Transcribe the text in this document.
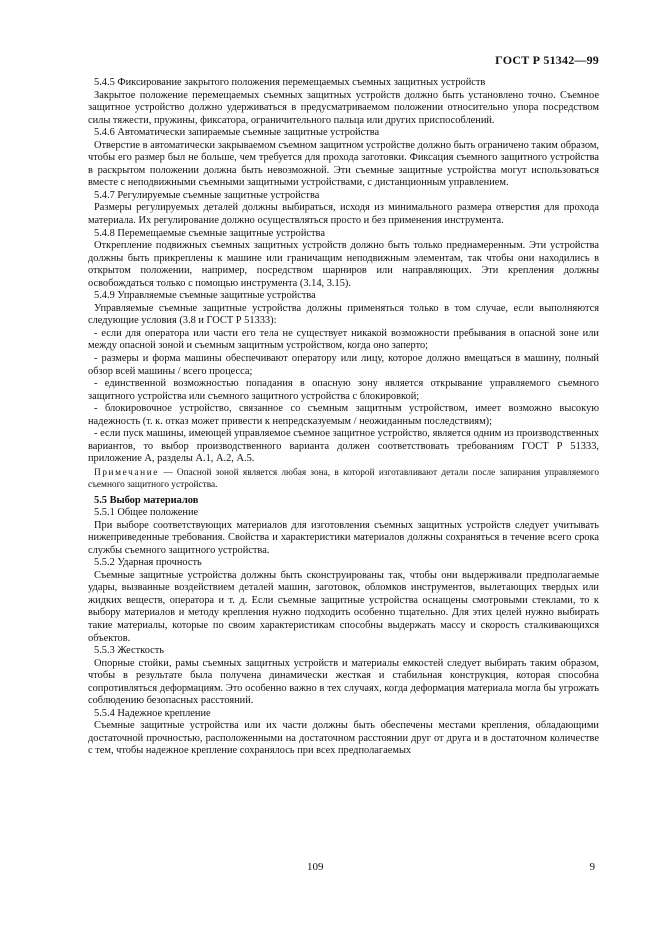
ГОСТ Р 51342—99

5.4.5 Фиксирование закрытого положения перемещаемых съемных защитных устройств

Закрытое положение перемещаемых съемных защитных устройств должно быть установлено точно. Съемное защитное устройство должно удерживаться в предусматриваемом положении относительно упора посредством силы тяжести, пружины, фиксатора, ограничительного пальца или других приспособлений.

5.4.6 Автоматически запираемые съемные защитные устройства

Отверстие в автоматически закрываемом съемном защитном устройстве должно быть ограничено таким образом, чтобы его размер был не больше, чем требуется для прохода заготовки. Фиксация съемного защитного устройства в раскрытом положении должна быть невозможной. Эти съемные защитные устройства могут использоваться вместе с неподвижными съемными защитными устройствами, с дистанционным управлением.

5.4.7 Регулируемые съемные защитные устройства

Размеры регулируемых деталей должны выбираться, исходя из минимального размера отверстия для прохода материала. Их регулирование должно осуществляться просто и без применения инструмента.

5.4.8 Перемещаемые съемные защитные устройства

Открепление подвижных съемных защитных устройств должно быть только преднамеренным. Эти устройства должны быть прикреплены к машине или граничащим неподвижным элементам, так чтобы они находились в открытом положении, например, посредством шарниров или направляющих. Эти крепления должны освобождаться только с помощью инструмента (3.14, 3.15).

5.4.9 Управляемые съемные защитные устройства

Управляемые съемные защитные устройства должны применяться только в том случае, если выполняются следующие условия (3.8 и ГОСТ Р 51333):

- если для оператора или части его тела не существует никакой возможности пребывания в опасной зоне или между опасной зоной и съемным защитным устройством, когда оно заперто;

- размеры и форма машины обеспечивают оператору или лицу, которое должно вмещаться в машину, полный обзор всей машины / всего процесса;

- единственной возможностью попадания в опасную зону является открывание управляемого съемного защитного устройства или съемного защитного устройства с блокировкой;

- блокировочное устройство, связанное со съемным защитным устройством, имеет возможно высокую надежность (т. к. отказ может привести к непредсказуемым / неожиданным последствиям);

- если пуск машины, имеющей управляемое съемное защитное устройство, является одним из производственных вариантов, то выбор производственного варианта должен соответствовать требованиям ГОСТ Р 51333, приложение А, разделы А.1, А.2, А.5.

Примечание — Опасной зоной является любая зона, в которой изготавливают детали после запирания управляемого съемного защитного устройства.

5.5 Выбор материалов

5.5.1 Общее положение

При выборе соответствующих материалов для изготовления съемных защитных устройств следует учитывать нижеприведенные требования. Свойства и характеристики материалов должны сохраняться в течение всего срока службы съемного защитного устройства.

5.5.2 Ударная прочность

Съемные защитные устройства должны быть сконструированы так, чтобы они выдерживали предполагаемые удары, вызванные воздействием деталей машин, заготовок, обломков инструментов, вылетающих твердых или жидких веществ, оператора и т. д. Если съемные защитные устройства оснащены смотровыми стеклами, то к выбору материалов и методу крепления нужно подходить особенно тщательно. Для этих целей нужно выбирать такие материалы, которые по своим характеристикам способны выдержать массу и скорость сталкивающихся объектов.

5.5.3 Жесткость

Опорные стойки, рамы съемных защитных устройств и материалы емкостей следует выбирать таким образом, чтобы в результате была получена динамически жесткая и стабильная конструкция, которая способна сопротивляться деформациям. Это особенно важно в тех случаях, когда деформация материала могла бы угрожать соблюдению безопасных расстояний.

5.5.4 Надежное крепление

Съемные защитные устройства или их части должны быть обеспечены местами крепления, обладающими достаточной прочностью, расположенными на достаточном расстоянии друг от друга и в достаточном количестве с тем, чтобы надежное крепление сохранялось при всех предполагаемых

109	9
